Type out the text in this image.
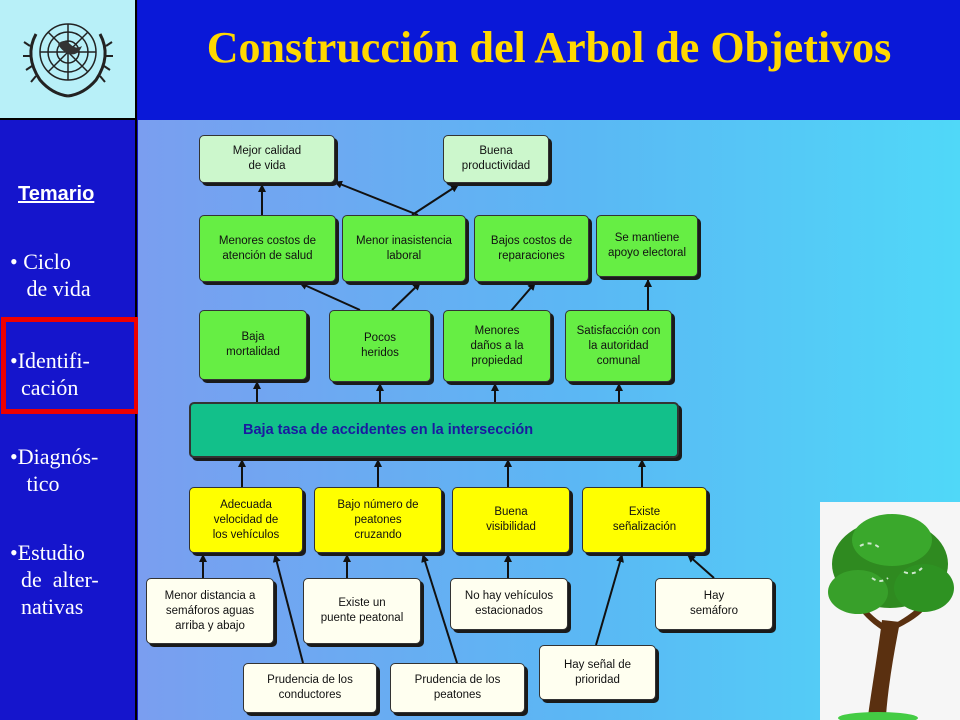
Construcción del Arbol de Objetivos
Temario
• Ciclo
de vida
•Identifi-
cación
•Diagnós-
tico
•Estudio
de  alter-
nativas
Mejor calidad
de vida
Buena
productividad
Menores costos de
atención de salud
Menor inasistencia
laboral
Bajos costos de
reparaciones
Se mantiene
apoyo electoral
Baja
mortalidad
Pocos
heridos
Menores
daños a la
propiedad
Satisfacción con
la autoridad
comunal
Baja tasa de accidentes en la intersección
Adecuada
velocidad de
los vehículos
Bajo número de
peatones
cruzando
Buena
visibilidad
Existe
señalización
Menor distancia a
semáforos aguas
arriba y abajo
Existe un
puente peatonal
No hay vehículos
estacionados
Hay
semáforo
Prudencia de los
conductores
Prudencia de los
peatones
Hay señal de
prioridad
